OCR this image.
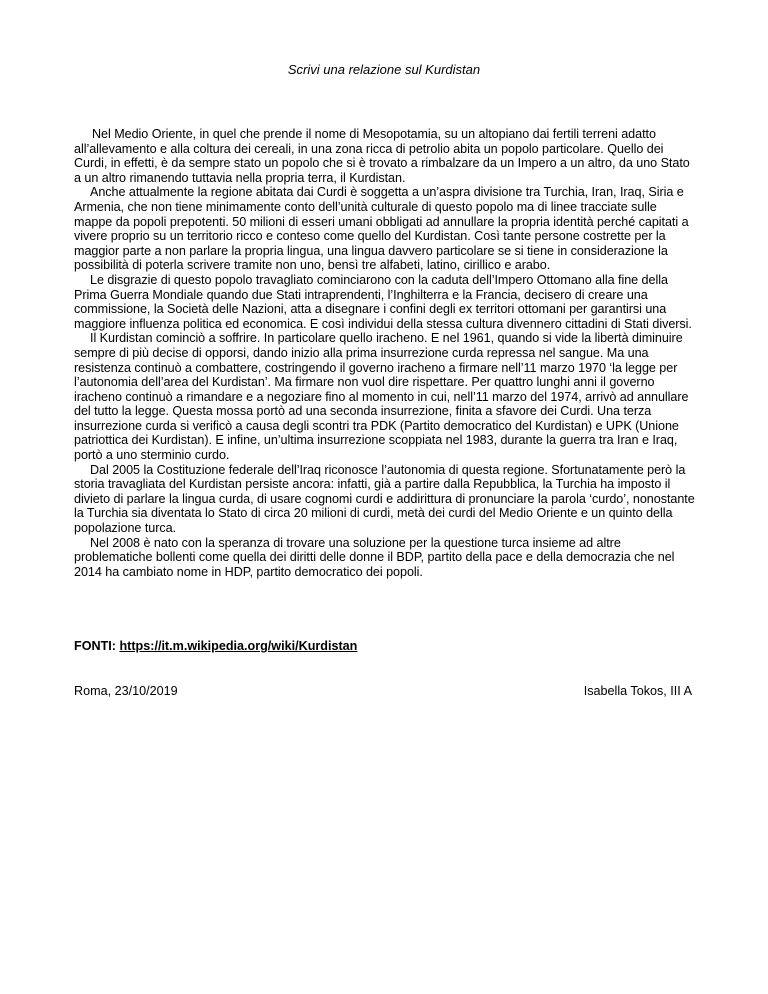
Scrivi una relazione sul Kurdistan

Nel Medio Oriente, in quel che prende il nome di Mesopotamia, su un altopiano dai fertili terreni adatto all’allevamento e alla coltura dei cereali, in una zona ricca di petrolio abita un popolo particolare. Quello dei Curdi, in effetti, è da sempre stato un popolo che si è trovato a rimbalzare da un Impero a un altro, da uno Stato a un altro rimanendo tuttavia nella propria terra, il Kurdistan.

Anche attualmente la regione abitata dai Curdi è soggetta a un’aspra divisione tra Turchia, Iran, Iraq, Siria e Armenia, che non tiene minimamente conto dell’unità culturale di questo popolo ma di linee tracciate sulle mappe da popoli prepotenti. 50 milioni di esseri umani obbligati ad annullare la propria identità perché capitati a vivere proprio su un territorio ricco e conteso come quello del Kurdistan. Così tante persone costrette per la maggior parte a non parlare la propria lingua, una lingua davvero particolare se si tiene in considerazione la possibilità di poterla scrivere tramite non uno, bensì tre alfabeti, latino, cirillico e arabo.

Le disgrazie di questo popolo travagliato cominciarono con la caduta dell’Impero Ottomano alla fine della Prima Guerra Mondiale quando due Stati intraprendenti, l’Inghilterra e la Francia, decisero di creare una commissione, la Società delle Nazioni, atta a disegnare i confini degli ex territori ottomani per garantirsi una maggiore influenza politica ed economica. E così individui della stessa cultura divennero cittadini di Stati diversi.

Il Kurdistan cominciò a soffrire. In particolare quello iracheno. E nel 1961, quando si vide la libertà diminuire sempre di più decise di opporsi, dando inizio alla prima insurrezione curda repressa nel sangue. Ma una resistenza continuò a combattere, costringendo il governo iracheno a firmare nell’11 marzo 1970 ‘la legge per l’autonomia dell’area del Kurdistan’. Ma firmare non vuol dire rispettare. Per quattro lunghi anni il governo iracheno continuò a rimandare e a negoziare fino al momento in cui, nell’11 marzo del 1974, arrivò ad annullare del tutto la legge. Questa mossa portò ad una seconda insurrezione, finita a sfavore dei Curdi. Una terza insurrezione curda si verificò a causa degli scontri tra PDK (Partito democratico del Kurdistan) e UPK (Unione patriottica dei Kurdistan). E infine, un’ultima insurrezione scoppiata nel 1983, durante la guerra tra Iran e Iraq, portò a uno sterminio curdo.

Dal 2005 la Costituzione federale dell’Iraq riconosce l’autonomia di questa regione. Sfortunatamente però la storia travagliata del Kurdistan persiste ancora: infatti, già a partire dalla Repubblica, la Turchia ha imposto il divieto di parlare la lingua curda, di usare cognomi curdi e addirittura di pronunciare la parola ‘curdo’, nonostante la Turchia sia diventata lo Stato di circa 20 milioni di curdi, metà dei curdi del Medio Oriente e un quinto della popolazione turca.

Nel 2008 è nato con la speranza di trovare una soluzione per la questione turca insieme ad altre problematiche bollenti come quella dei diritti delle donne il BDP, partito della pace e della democrazia che nel 2014 ha cambiato nome in HDP, partito democratico dei popoli.

FONTI: https://it.m.wikipedia.org/wiki/Kurdistan
Roma, 23/10/2019	Isabella Tokos, III A
